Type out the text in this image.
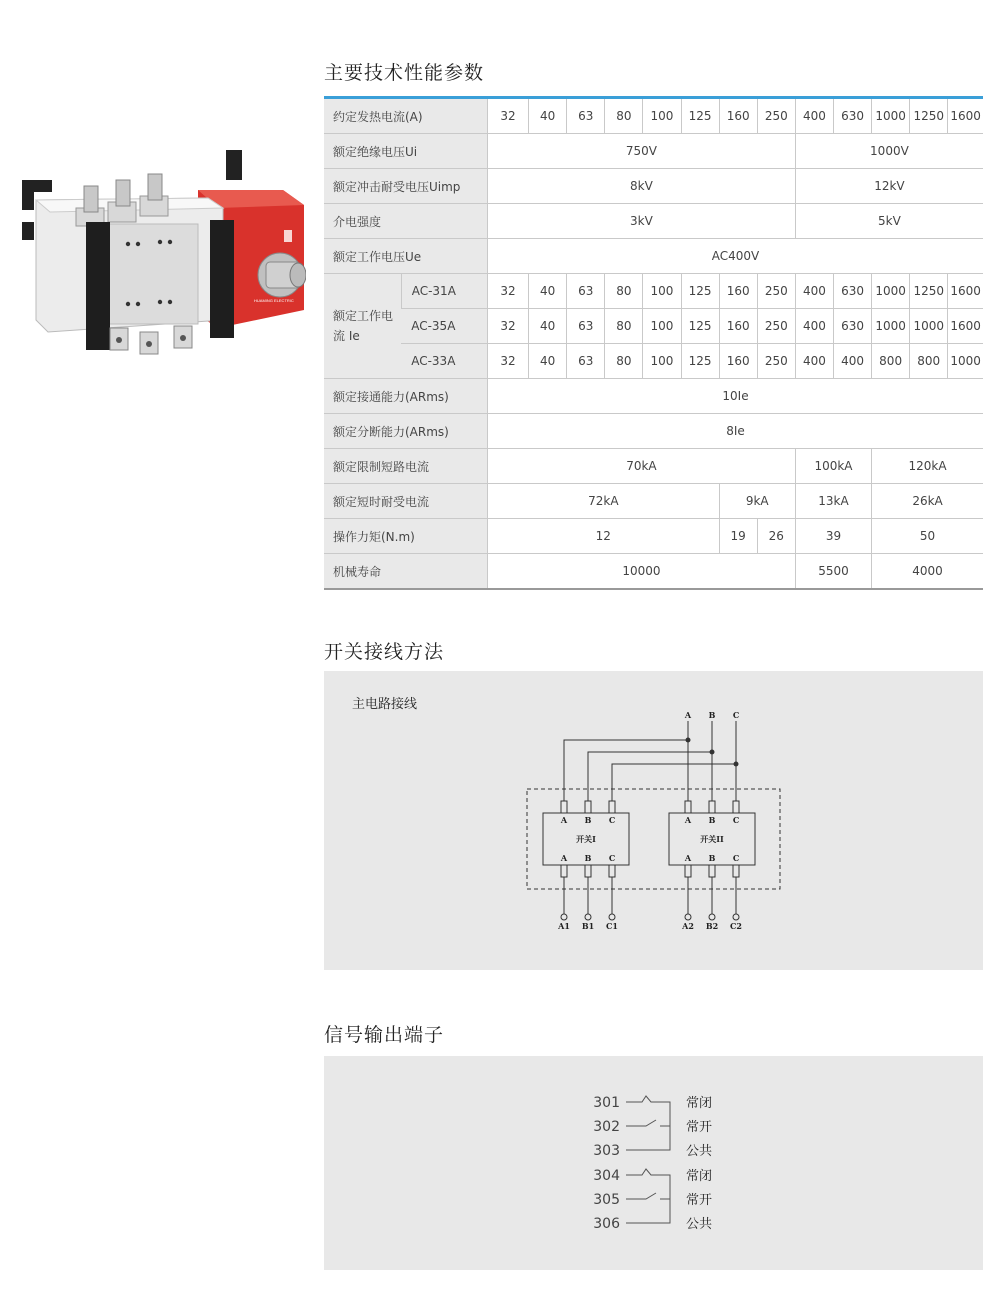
主要技术性能参数
开关接线方法
信号输出端子
HUAMING ELECTRIC
约定发热电流(A)		32	40	63	80	100	125	160	250	400	630	1000	1250	1600
额定绝缘电压Ui		750V								1000V				
额定冲击耐受电压Uimp		8kV								12kV				
介电强度		3kV								5kV				
额定工作电压Ue		AC400V												
额定工作电流 Ie	AC-31A	32	40	63	80	100	125	160	250	400	630	1000	1250	1600
	AC-35A	32	40	63	80	100	125	160	250	400	630	1000	1000	1600
	AC-33A	32	40	63	80	100	125	160	250	400	400	800	800	1000
额定接通能力(ARms)		10Ie												
额定分断能力(ARms)		8Ie												
额定限制短路电流		70kA								100kA		120kA		
额定短时耐受电流		72kA						9kA		13kA		26kA		
操作力矩(N.m)		12						19	26	39		50		
机械寿命		10000								5500		4000		
主电路接线
A B C
A B C
A B C
A B C
A B C
开关I	开关II
A1 B1 C1	A2 B2 C2
301
302
303
304
305
306
常闭
常开
公共
常闭
常开
公共
